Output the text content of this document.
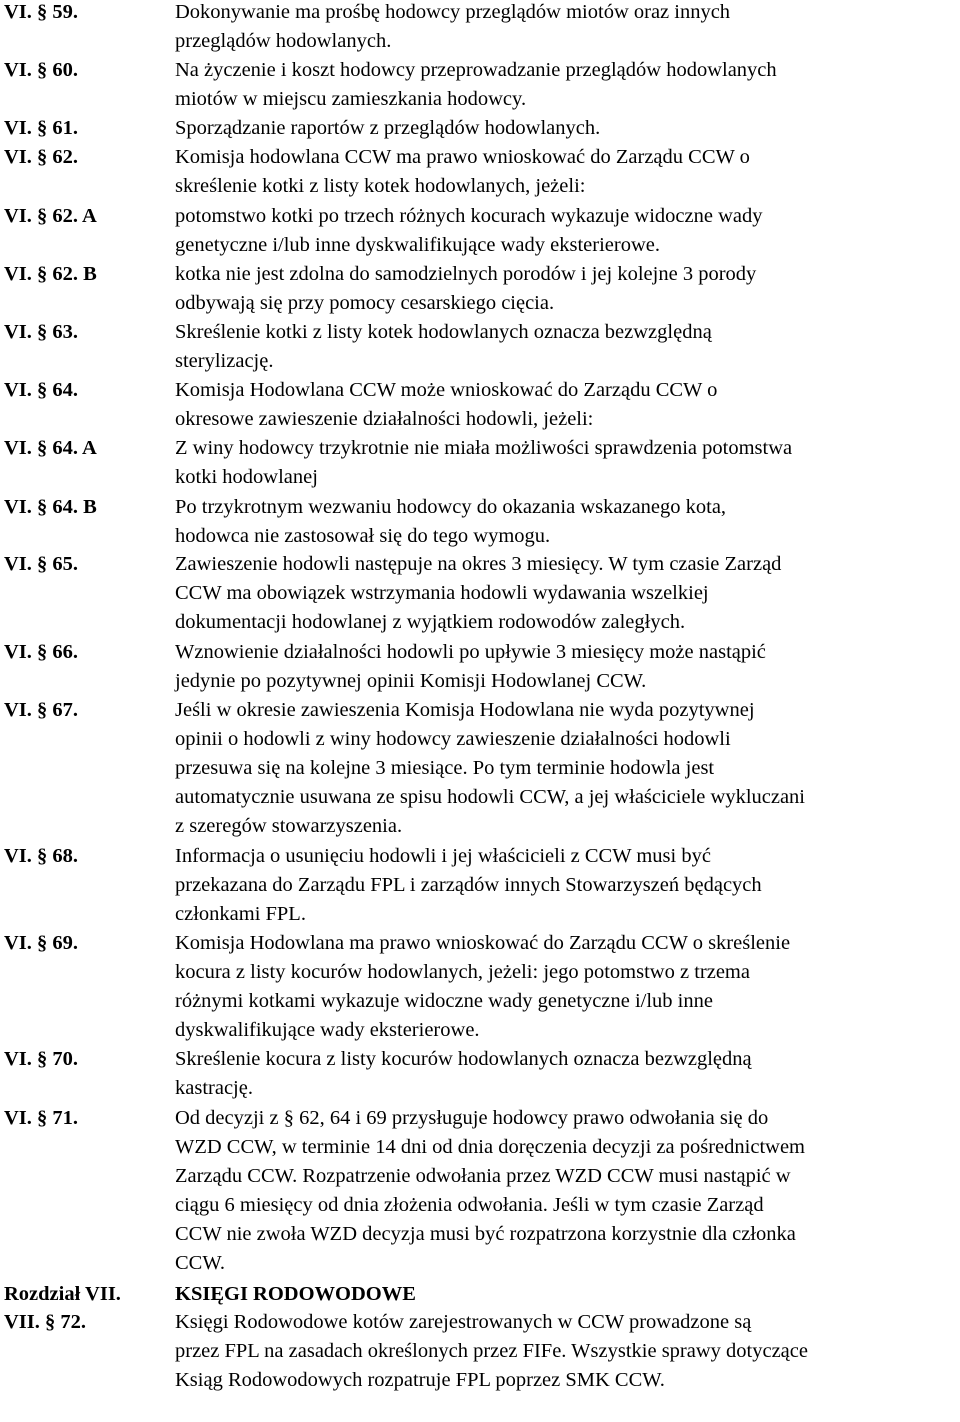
VI. § 59.	Dokonywanie ma prośbę hodowcy przeglądów miotów oraz innych
przeglądów hodowlanych.
VI. § 60.	Na życzenie i koszt hodowcy przeprowadzanie przeglądów hodowlanych
miotów w miejscu zamieszkania hodowcy.
VI. § 61.	Sporządzanie raportów z przeglądów hodowlanych.
VI. § 62.	Komisja hodowlana CCW ma prawo wnioskować do Zarządu CCW o
skreślenie kotki z listy kotek hodowlanych, jeżeli:
VI. § 62. A	potomstwo kotki po trzech różnych kocurach wykazuje widoczne wady
genetyczne i/lub inne dyskwalifikujące wady eksterierowe.
VI. § 62. B	kotka nie jest zdolna do samodzielnych porodów i jej kolejne 3 porody
odbywają się przy pomocy cesarskiego cięcia.
VI. § 63.	Skreślenie kotki z listy kotek hodowlanych oznacza bezwzględną
sterylizację.
VI. § 64.	Komisja Hodowlana CCW może wnioskować do Zarządu CCW o
okresowe zawieszenie działalności hodowli, jeżeli:
VI. § 64. A	Z winy hodowcy trzykrotnie nie miała możliwości sprawdzenia potomstwa
kotki hodowlanej
VI. § 64. B	Po trzykrotnym wezwaniu hodowcy do okazania wskazanego kota,
hodowca nie zastosował się do tego wymogu.
VI. § 65.	Zawieszenie hodowli następuje na okres 3 miesięcy. W tym czasie Zarząd
CCW ma obowiązek wstrzymania hodowli wydawania wszelkiej
dokumentacji hodowlanej z wyjątkiem rodowodów zaległych.
VI. § 66.	Wznowienie działalności hodowli po upływie 3 miesięcy może nastąpić
jedynie po pozytywnej opinii Komisji Hodowlanej CCW.
VI. § 67.	Jeśli w okresie zawieszenia Komisja Hodowlana nie wyda pozytywnej
opinii o hodowli z winy hodowcy zawieszenie działalności hodowli
przesuwa się na kolejne 3 miesiące. Po tym terminie hodowla jest
automatycznie usuwana ze spisu hodowli CCW, a jej właściciele wykluczani
z szeregów stowarzyszenia.
VI. § 68.	Informacja o usunięciu hodowli i jej właścicieli z CCW musi być
przekazana do Zarządu FPL i zarządów innych Stowarzyszeń będących
członkami FPL.
VI. § 69.	Komisja Hodowlana ma prawo wnioskować do Zarządu CCW o skreślenie
kocura z listy kocurów hodowlanych, jeżeli: jego potomstwo z trzema
różnymi kotkami wykazuje widoczne wady genetyczne i/lub inne
dyskwalifikujące wady eksterierowe.
VI. § 70.	Skreślenie kocura z listy kocurów hodowlanych oznacza bezwzględną
kastrację.
VI. § 71.	Od decyzji z § 62, 64 i 69 przysługuje hodowcy prawo odwołania się do
WZD CCW, w terminie 14 dni od dnia doręczenia decyzji za pośrednictwem
Zarządu CCW. Rozpatrzenie odwołania przez WZD CCW musi nastąpić w
ciągu 6 miesięcy od dnia złożenia odwołania. Jeśli w tym czasie Zarząd
CCW nie zwoła WZD decyzja musi być rozpatrzona korzystnie dla członka
CCW.
Rozdział VII.	KSIĘGI RODOWODOWE
VII. § 72.	Księgi Rodowodowe kotów zarejestrowanych w CCW prowadzone są
przez FPL na zasadach określonych przez FIFe. Wszystkie sprawy dotyczące
Ksiąg Rodowodowych rozpatruje FPL poprzez SMK CCW.
